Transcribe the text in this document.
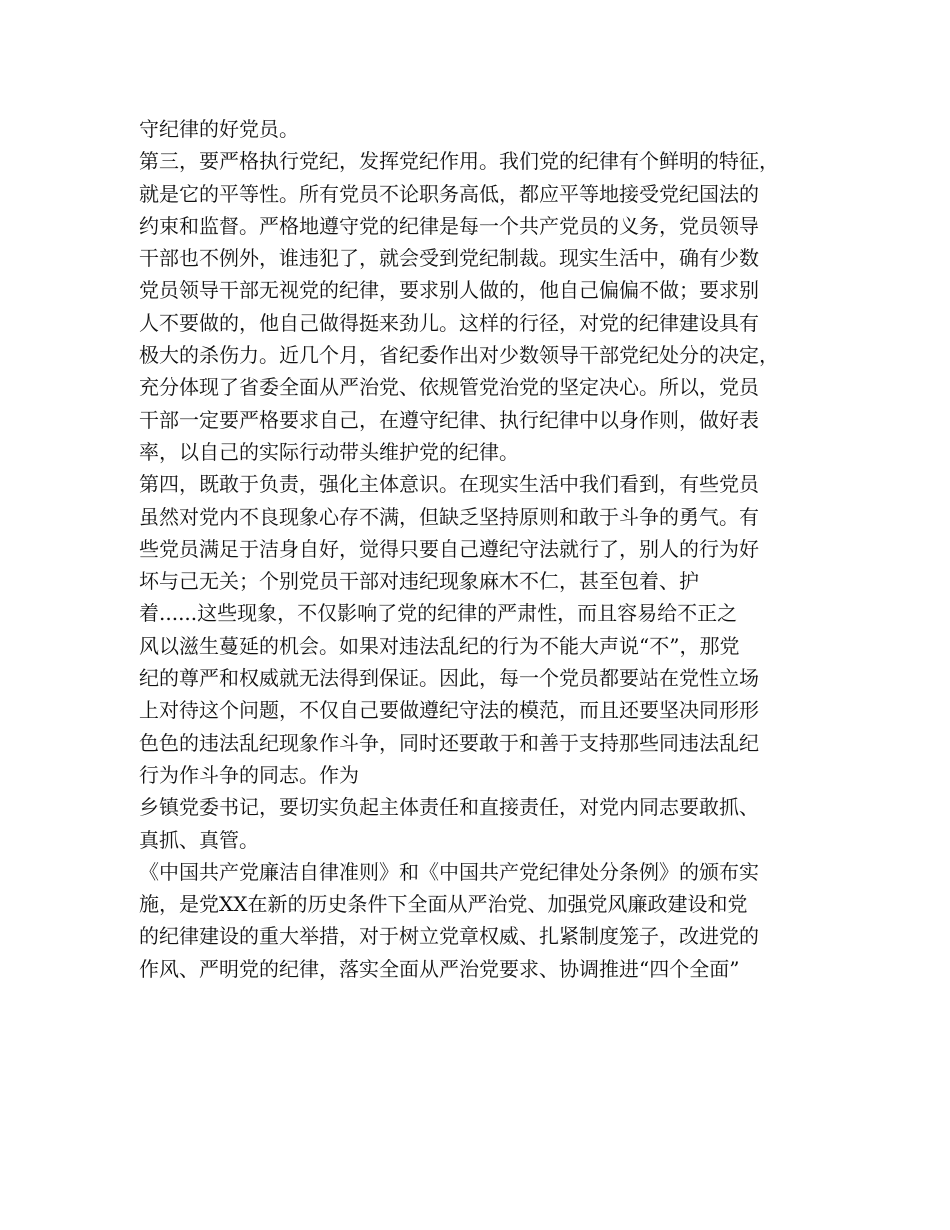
守纪律的好党员。
第三，要严格执行党纪，发挥党纪作用。我们党的纪律有个鲜明的特征，
就是它的平等性。所有党员不论职务高低，都应平等地接受党纪国法的
约束和监督。严格地遵守党的纪律是每一个共产党员的义务，党员领导
干部也不例外，谁违犯了，就会受到党纪制裁。现实生活中，确有少数
党员领导干部无视党的纪律，要求别人做的，他自己偏偏不做；要求别
人不要做的，他自己做得挺来劲儿。这样的行径，对党的纪律建设具有
极大的杀伤力。近几个月，省纪委作出对少数领导干部党纪处分的决定，
充分体现了省委全面从严治党、依规管党治党的坚定决心。所以，党员
干部一定要严格要求自己，在遵守纪律、执行纪律中以身作则，做好表
率，以自己的实际行动带头维护党的纪律。
第四，既敢于负责，强化主体意识。在现实生活中我们看到，有些党员
虽然对党内不良现象心存不满，但缺乏坚持原则和敢于斗争的勇气。有
些党员满足于洁身自好，觉得只要自己遵纪守法就行了，别人的行为好
坏与己无关；个别党员干部对违纪现象麻木不仁，甚至包着、护
着......这些现象，不仅影响了党的纪律的严肃性，而且容易给不正之
风以滋生蔓延的机会。如果对违法乱纪的行为不能大声说“不”，那党
纪的尊严和权威就无法得到保证。因此，每一个党员都要站在党性立场
上对待这个问题，不仅自己要做遵纪守法的模范，而且还要坚决同形形
色色的违法乱纪现象作斗争，同时还要敢于和善于支持那些同违法乱纪
行为作斗争的同志。作为
乡镇党委书记，要切实负起主体责任和直接责任，对党内同志要敢抓、
真抓、真管。
《中国共产党廉洁自律准则》和《中国共产党纪律处分条例》的颁布实
施，是党XX在新的历史条件下全面从严治党、加强党风廉政建设和党
的纪律建设的重大举措，对于树立党章权威、扎紧制度笼子，改进党的
作风、严明党的纪律，落实全面从严治党要求、协调推进“四个全面”
